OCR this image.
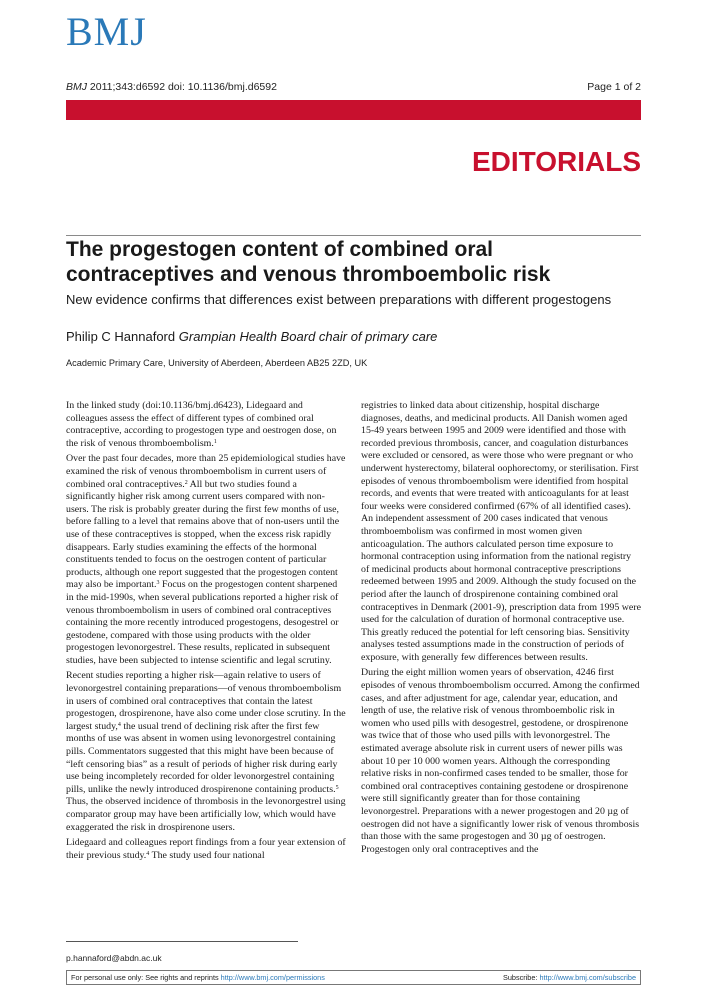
BMJ
BMJ 2011;343:d6592 doi: 10.1136/bmj.d6592	Page 1 of 2
EDITORIALS
The progestogen content of combined oral contraceptives and venous thromboembolic risk
New evidence confirms that differences exist between preparations with different progestogens
Philip C Hannaford Grampian Health Board chair of primary care
Academic Primary Care, University of Aberdeen, Aberdeen AB25 2ZD, UK

In the linked study (doi:10.1136/bmj.d6423), Lidegaard and colleagues assess the effect of different types of combined oral contraceptive, according to progestogen type and oestrogen dose, on the risk of venous thromboembolism.$^1$

Over the past four decades, more than 25 epidemiological studies have examined the risk of venous thromboembolism in current users of combined oral contraceptives.$^2$ All but two studies found a significantly higher risk among current users compared with non-users. The risk is probably greater during the first few months of use, before falling to a level that remains above that of non-users until the use of these contraceptives is stopped, when the excess risk rapidly disappears. Early studies examining the effects of the hormonal constituents tended to focus on the oestrogen content of particular products, although one report suggested that the progestogen content may also be important.$^3$ Focus on the progestogen content sharpened in the mid-1990s, when several publications reported a higher risk of venous thromboembolism in users of combined oral contraceptives containing the more recently introduced progestogens, desogestrel or gestodene, compared with those using products with the older progestogen levonorgestrel. These results, replicated in subsequent studies, have been subjected to intense scientific and legal scrutiny.

Recent studies reporting a higher risk—again relative to users of levonorgestrel containing preparations—of venous thromboembolism in users of combined oral contraceptives that contain the latest progestogen, drospirenone, have also come under close scrutiny. In the largest study,$^4$ the usual trend of declining risk after the first few months of use was absent in women using levonorgestrel containing pills. Commentators suggested that this might have been because of “left censoring bias” as a result of periods of higher risk during early use being incompletely recorded for older levonorgestrel containing pills, unlike the newly introduced drospirenone containing products.$^5$ Thus, the observed incidence of thrombosis in the levonorgestrel using comparator group may have been artificially low, which would have exaggerated the risk in drospirenone users.

Lidegaard and colleagues report findings from a four year extension of their previous study.$^4$ The study used four national

registries to linked data about citizenship, hospital discharge diagnoses, deaths, and medicinal products. All Danish women aged 15-49 years between 1995 and 2009 were identified and those with recorded previous thrombosis, cancer, and coagulation disturbances were excluded or censored, as were those who were pregnant or who underwent hysterectomy, bilateral oophorectomy, or sterilisation. First episodes of venous thromboembolism were identified from hospital records, and events that were treated with anticoagulants for at least four weeks were considered confirmed (67% of all identified cases). An independent assessment of 200 cases indicated that venous thromboembolism was confirmed in most women given anticoagulation. The authors calculated person time exposure to hormonal contraception using information from the national registry of medicinal products about hormonal contraceptive prescriptions redeemed between 1995 and 2009. Although the study focused on the period after the launch of drospirenone containing combined oral contraceptives in Denmark (2001-9), prescription data from 1995 were used for the calculation of duration of hormonal contraceptive use. This greatly reduced the potential for left censoring bias. Sensitivity analyses tested assumptions made in the construction of periods of exposure, with generally few differences between results.

During the eight million women years of observation, 4246 first episodes of venous thromboembolism occurred. Among the confirmed cases, and after adjustment for age, calendar year, education, and length of use, the relative risk of venous thromboembolic risk in women who used pills with desogestrel, gestodene, or drospirenone was twice that of those who used pills with levonorgestrel. The estimated average absolute risk in current users of newer pills was about 10 per 10 000 women years. Although the corresponding relative risks in non-confirmed cases tended to be smaller, those for combined oral contraceptives containing gestodene or drospirenone were still significantly greater than for those containing levonorgestrel. Preparations with a newer progestogen and 20 µg of oestrogen did not have a significantly lower risk of venous thrombosis than those with the same progestogen and 30 µg of oestrogen. Progestogen only oral contraceptives and the

p.hannaford@abdn.ac.uk
For personal use only: See rights and reprints http://www.bmj.com/permissions	Subscribe: http://www.bmj.com/subscribe
